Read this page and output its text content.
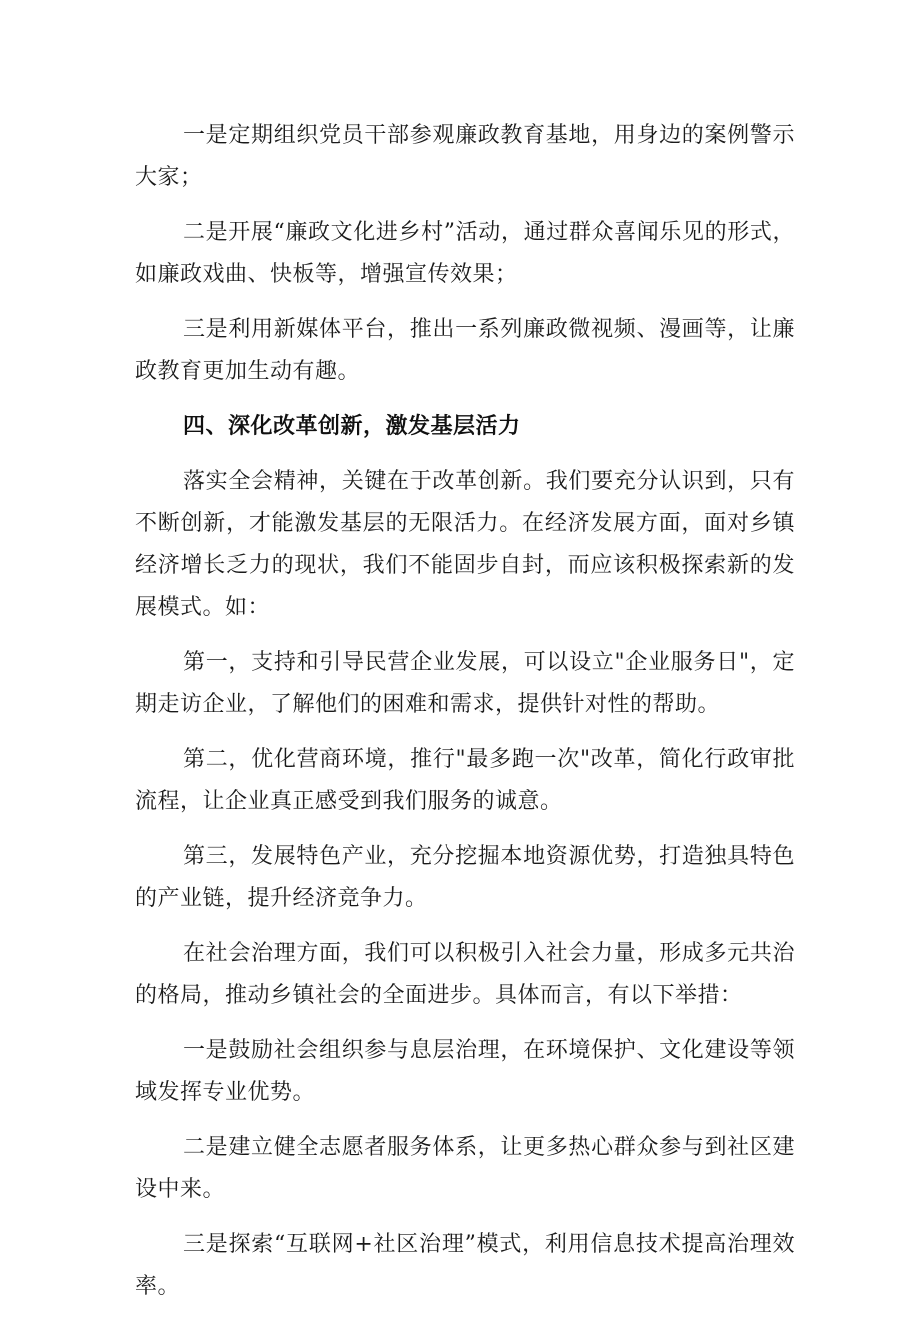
一是定期组织党员干部参观廉政教育基地，用身边的案例警示大家；

二是开展“廉政文化进乡村”活动，通过群众喜闻乐见的形式，如廉政戏曲、快板等，增强宣传效果；

三是利用新媒体平台，推出一系列廉政微视频、漫画等，让廉政教育更加生动有趣。

四、深化改革创新，激发基层活力

落实全会精神，关键在于改革创新。我们要充分认识到，只有不断创新，才能激发基层的无限活力。在经济发展方面，面对乡镇经济增长乏力的现状，我们不能固步自封，而应该积极探索新的发展模式。如：

第一，支持和引导民营企业发展，可以设立"企业服务日"，定期走访企业，了解他们的困难和需求，提供针对性的帮助。

第二，优化营商环境，推行"最多跑一次"改革，简化行政审批流程，让企业真正感受到我们服务的诚意。

第三，发展特色产业，充分挖掘本地资源优势，打造独具特色的产业链，提升经济竞争力。

在社会治理方面，我们可以积极引入社会力量，形成多元共治的格局，推动乡镇社会的全面进步。具体而言，有以下举措：

一是鼓励社会组织参与息层治理，在环境保护、文化建设等领域发挥专业优势。

二是建立健全志愿者服务体系，让更多热心群众参与到社区建设中来。

三是探索“互联网+社区治理”模式，利用信息技术提高治理效率。
